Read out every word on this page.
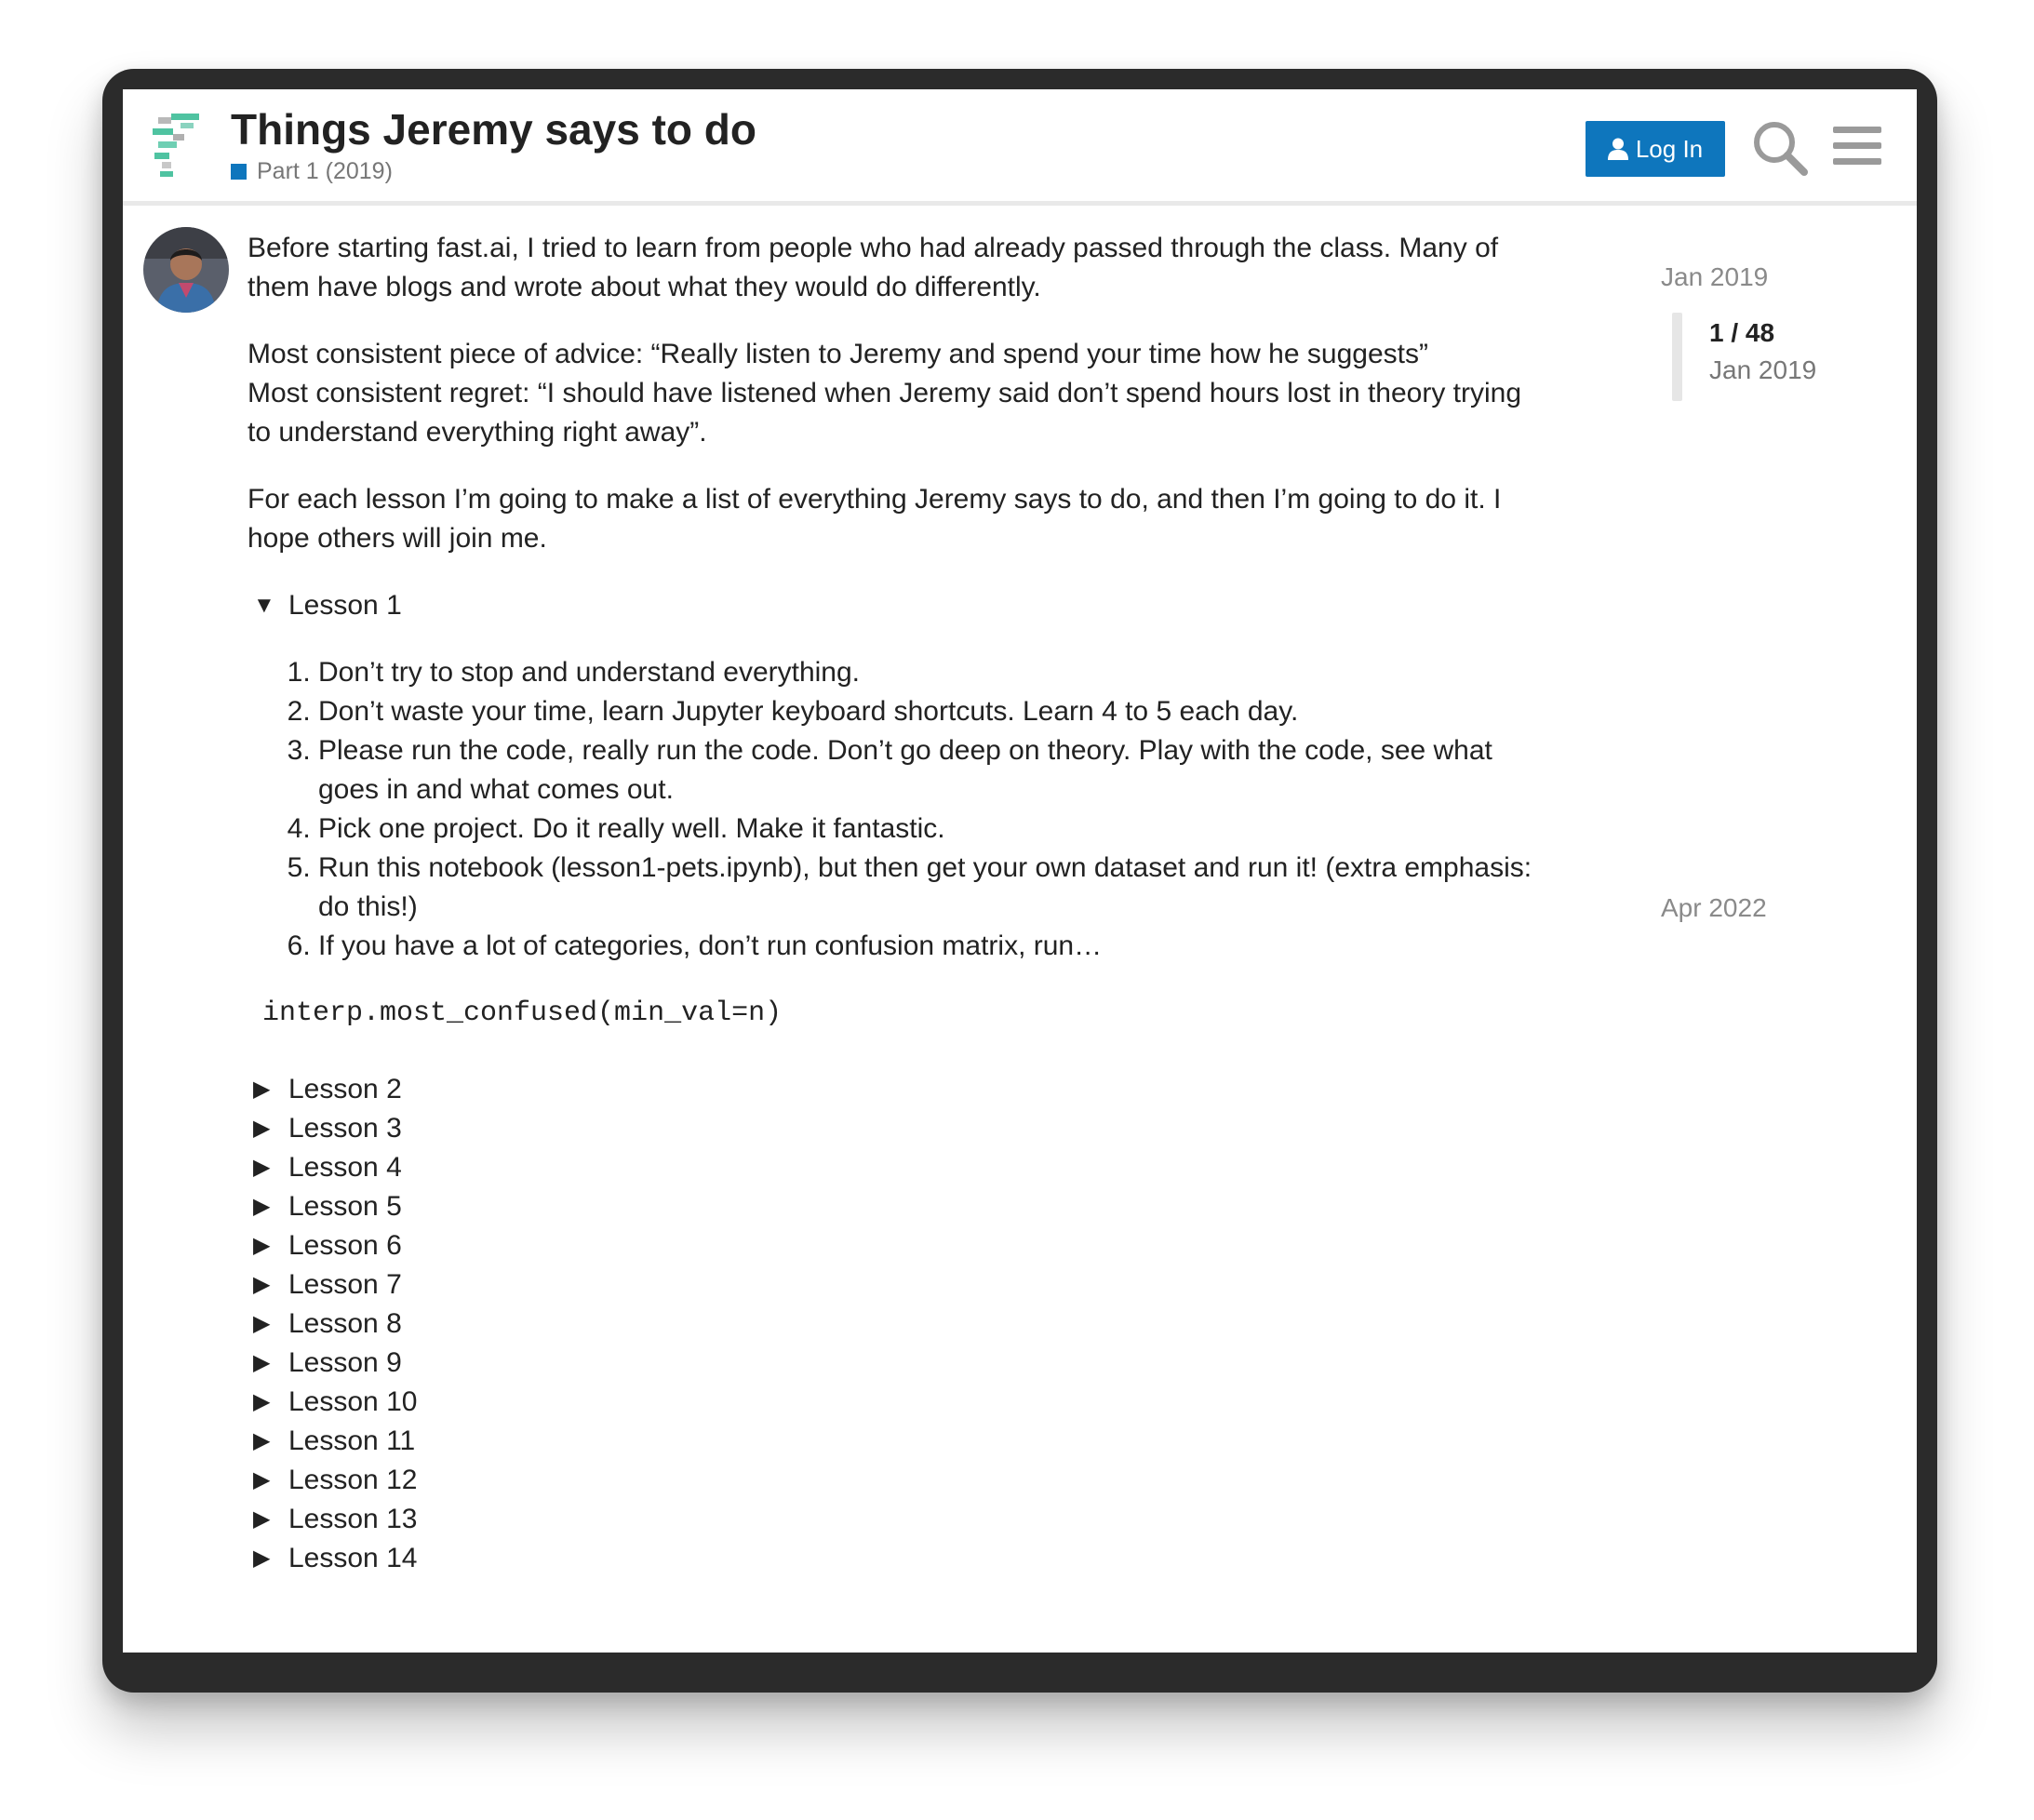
Things Jeremy says to do
Part 1 (2019)
Log In

Before starting fast.ai, I tried to learn from people who had already passed through the class. Many of them have blogs and wrote about what they would do differently.

Most consistent piece of advice: “Really listen to Jeremy and spend your time how he suggests”
Most consistent regret: “I should have listened when Jeremy said don’t spend hours lost in theory trying to understand everything right away”.

For each lesson I’m going to make a list of everything Jeremy says to do, and then I’m going to do it. I hope others will join me.

▼ Lesson 1
1. Don’t try to stop and understand everything.
2. Don’t waste your time, learn Jupyter keyboard shortcuts. Learn 4 to 5 each day.
3. Please run the code, really run the code. Don’t go deep on theory. Play with the code, see what goes in and what comes out.
4. Pick one project. Do it really well. Make it fantastic.
5. Run this notebook (lesson1-pets.ipynb), but then get your own dataset and run it! (extra emphasis: do this!)
6. If you have a lot of categories, don’t run confusion matrix, run…
interp.most_confused(min_val=n)
▶ Lesson 2
▶ Lesson 3
▶ Lesson 4
▶ Lesson 5
▶ Lesson 6
▶ Lesson 7
▶ Lesson 8
▶ Lesson 9
▶ Lesson 10
▶ Lesson 11
▶ Lesson 12
▶ Lesson 13
▶ Lesson 14
Jan 2019
1 / 48
Jan 2019
Apr 2022
